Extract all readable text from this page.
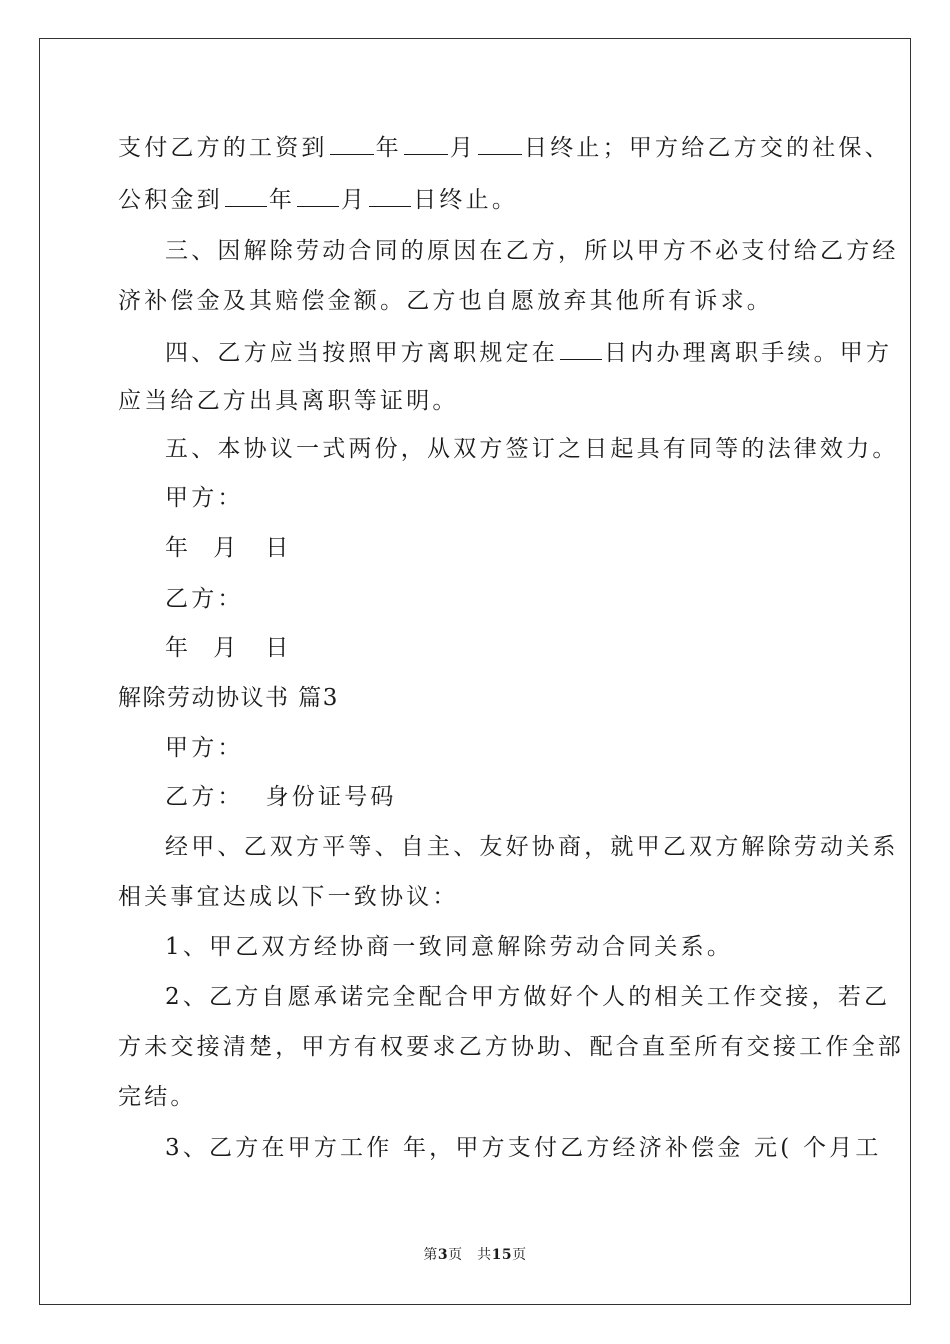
支付乙方的工资到 年 月 日终止；甲方给乙方交的社保、
公积金到 年 月 日终止。
三、因解除劳动合同的原因在乙方，所以甲方不必支付给乙方经
济补偿金及其赔偿金额。乙方也自愿放弃其他所有诉求。
四、乙方应当按照甲方离职规定在 日内办理离职手续。甲方
应当给乙方出具离职等证明。
五、本协议一式两份，从双方签订之日起具有同等的法律效力。
甲方：
年 月 日
乙方：
年 月 日
解除劳动协议书 篇3
甲方：
乙方： 身份证号码
经甲、乙双方平等、自主、友好协商，就甲乙双方解除劳动关系
相关事宜达成以下一致协议：
1、甲乙双方经协商一致同意解除劳动合同关系。
2、乙方自愿承诺完全配合甲方做好个人的相关工作交接，若乙
方未交接清楚，甲方有权要求乙方协助、配合直至所有交接工作全部
完结。
3、乙方在甲方工作 年，甲方支付乙方经济补偿金 元( 个月工
第3页　共15页
